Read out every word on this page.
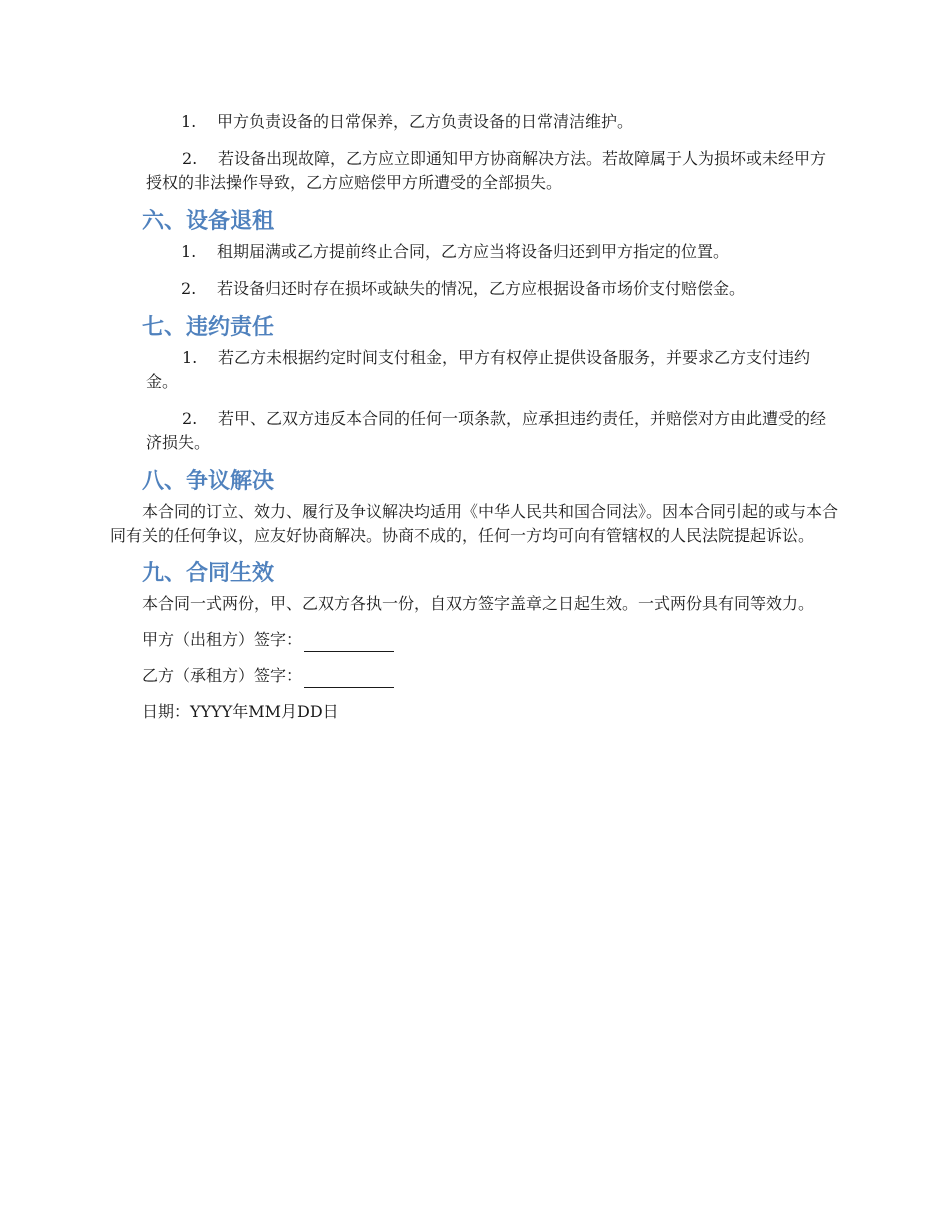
1. 甲方负责设备的日常保养，乙方负责设备的日常清洁维护。

2. 若设备出现故障，乙方应立即通知甲方协商解决方法。若故障属于人为损坏或未经甲方授权的非法操作导致，乙方应赔偿甲方所遭受的全部损失。

六、设备退租

1. 租期届满或乙方提前终止合同，乙方应当将设备归还到甲方指定的位置。

2. 若设备归还时存在损坏或缺失的情况，乙方应根据设备市场价支付赔偿金。

七、违约责任

1. 若乙方未根据约定时间支付租金，甲方有权停止提供设备服务，并要求乙方支付违约金。

2. 若甲、乙双方违反本合同的任何一项条款，应承担违约责任，并赔偿对方由此遭受的经济损失。

八、争议解决

本合同的订立、效力、履行及争议解决均适用《中华人民共和国合同法》。因本合同引起的或与本合同有关的任何争议，应友好协商解决。协商不成的，任何一方均可向有管辖权的人民法院提起诉讼。

九、合同生效

本合同一式两份，甲、乙双方各执一份，自双方签字盖章之日起生效。一式两份具有同等效力。

甲方（出租方）签字：

乙方（承租方）签字：

日期：YYYY年MM月DD日
